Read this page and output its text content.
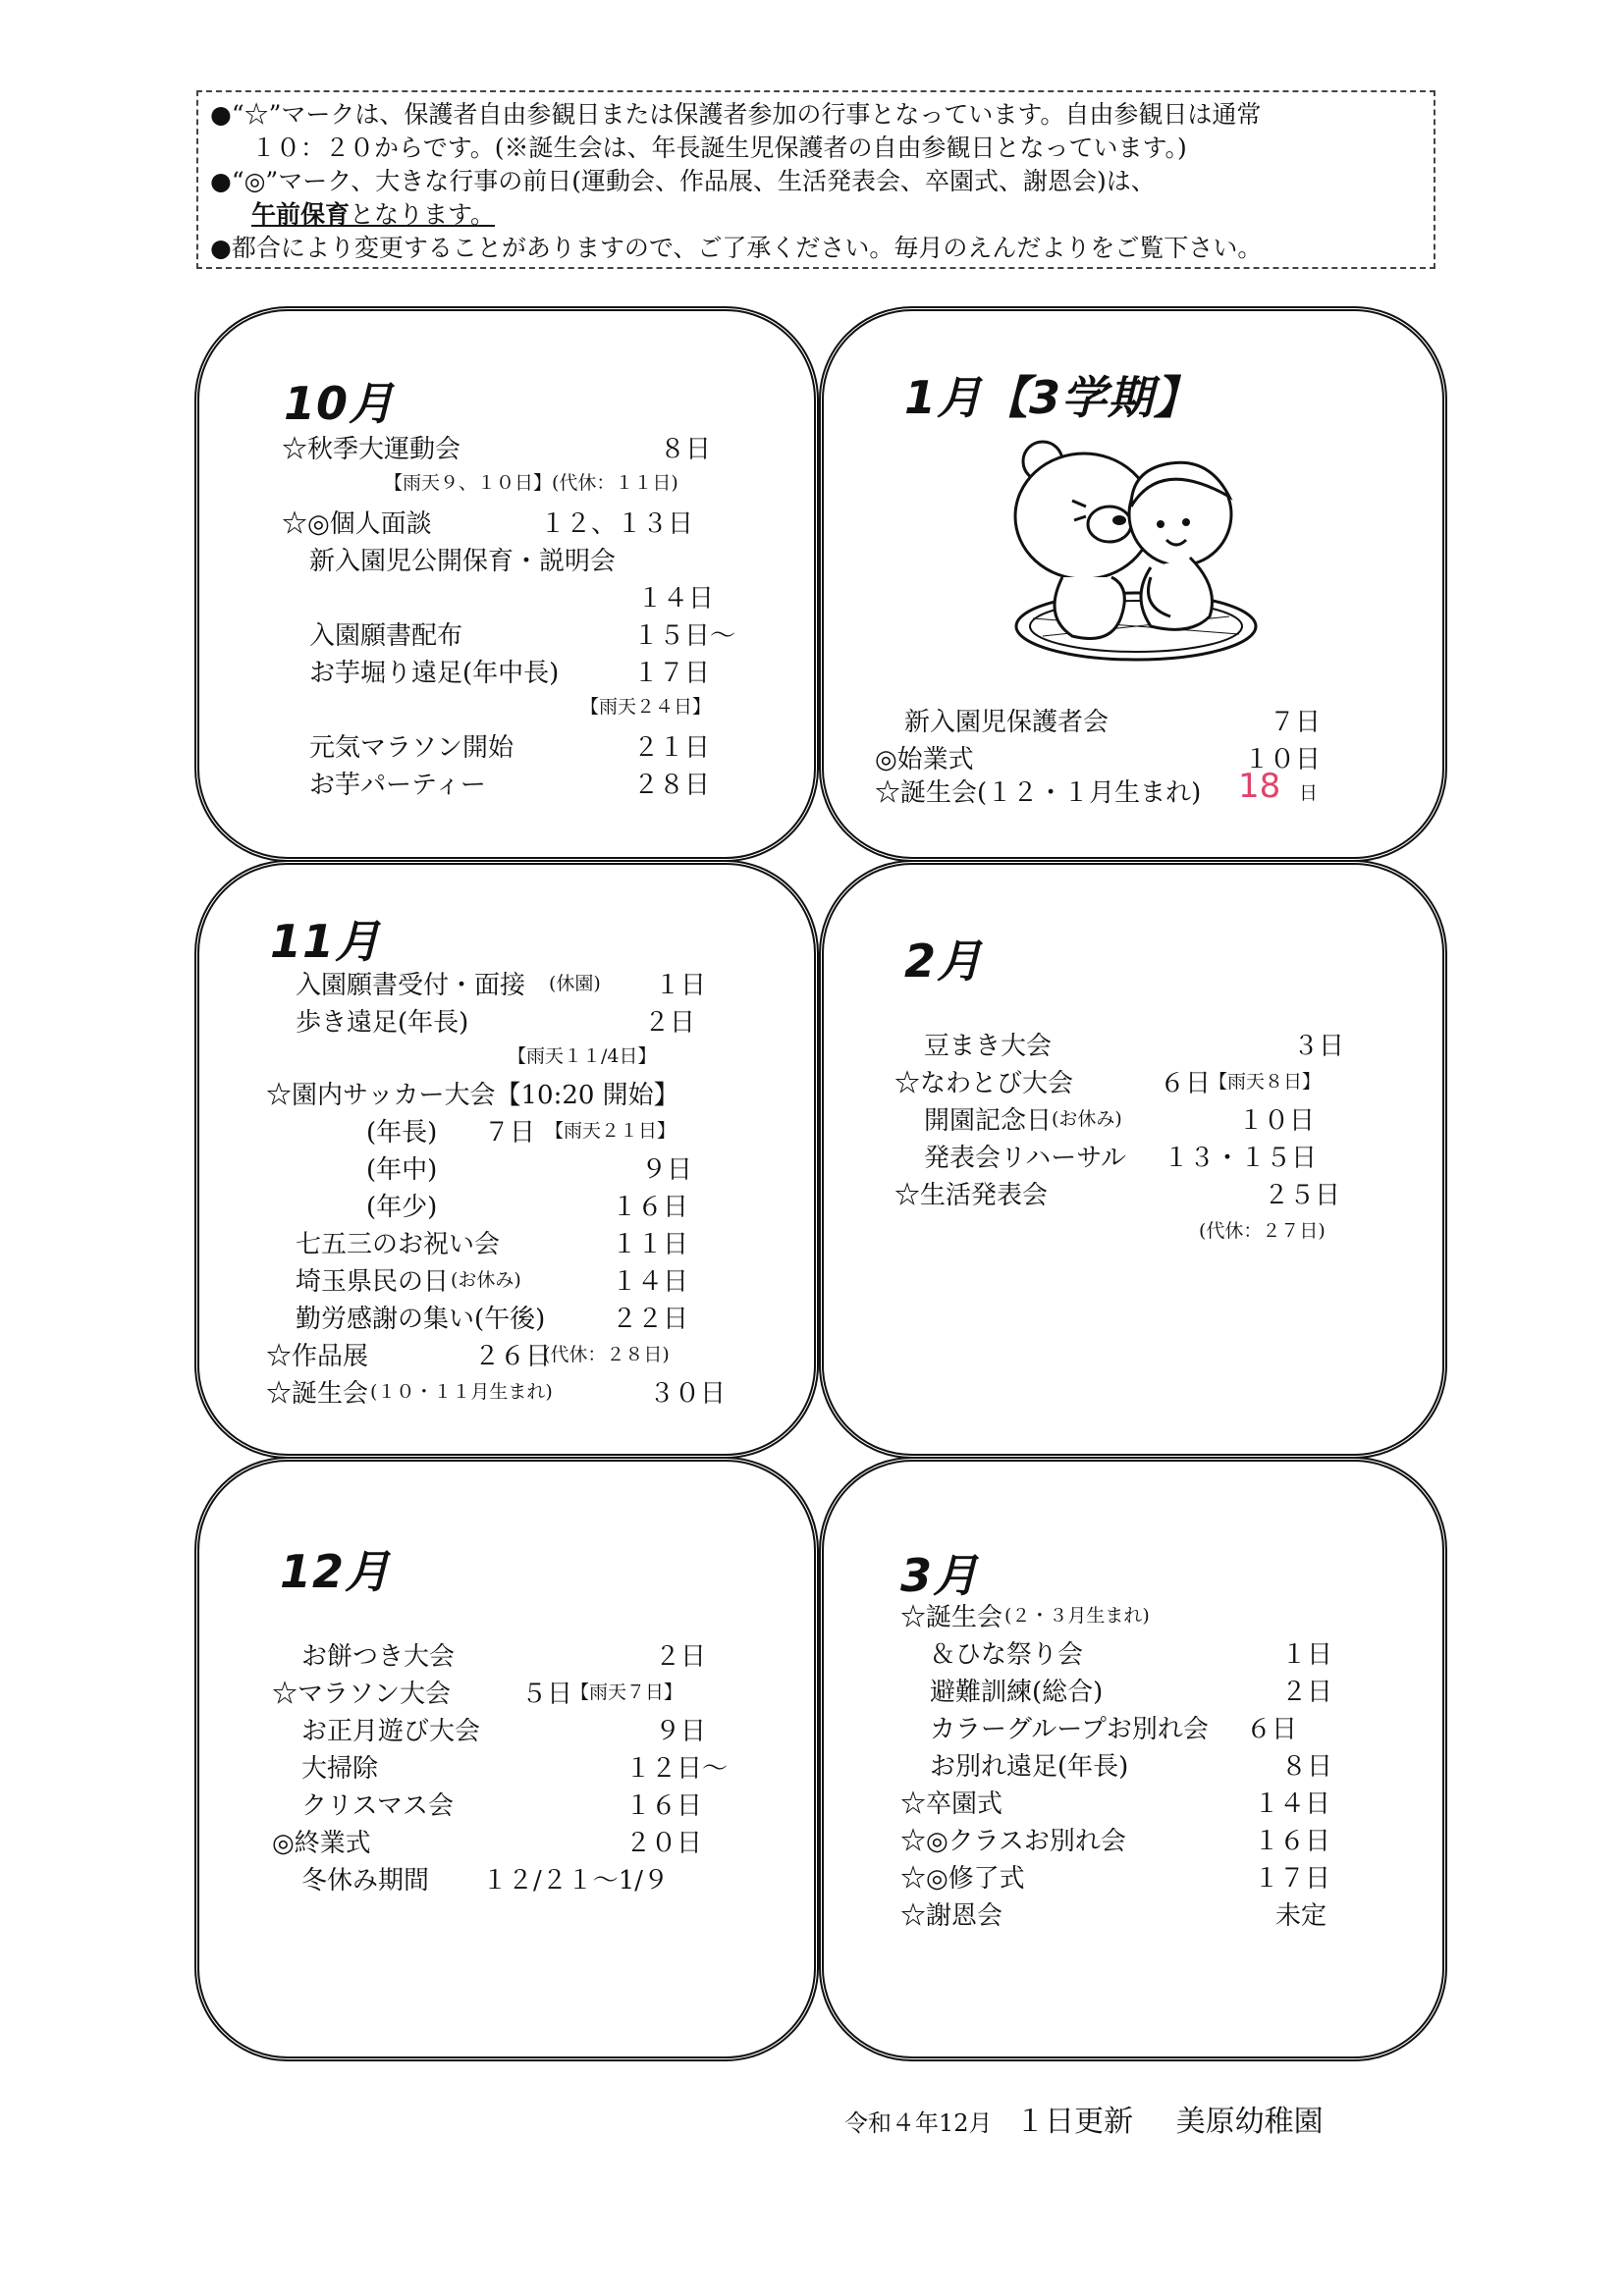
●“☆”マークは、保護者自由参観日または保護者参加の行事となっています。自由参観日は通常
１０：２０からです。(※誕生会は、年長誕生児保護者の自由参観日となっています。)
●“◎”マーク、大きな行事の前日(運動会、作品展、生活発表会、卒園式、謝恩会)は、
午前保育となります。
●都合により変更することがありますので、ご了承ください。毎月のえんだよりをご覧下さい。
10月
☆秋季大運動会	８日
【雨天９、１０日】(代休：１１日)
☆◎個人面談	１２、１３日
新入園児公開保育・説明会
１４日
入園願書配布	１５日～
お芋堀り遠足(年中長)	１７日
【雨天２４日】
元気マラソン開始	２１日
お芋パーティー	２８日
1月【3学期】
新入園児保護者会	７日
◎始業式	１０日
☆誕生会(１２・１月生まれ) 18 日
11月
入園願書受付・面接 (休園) １日
歩き遠足(年長)	２日
【雨天１１/4日】
☆園内サッカー大会【10:20 開始】
(年長) ７日 【雨天２１日】
(年中)	９日
(年少)	１６日
七五三のお祝い会	１１日
埼玉県民の日 (お休み)	１４日
勤労感謝の集い(午後)	２２日
☆作品展	２６日
(代休：２８日)
☆誕生会 (１０・１１月生まれ)	３０日
2月
豆まき大会	３日
☆なわとび大会	６日
【雨天８日】
開園記念日 (お休み)	１０日
発表会リハーサル １３・１５日
☆生活発表会	２５日
(代休：２７日)
12月
お餅つき大会	２日
☆マラソン大会	５日
【雨天７日】
お正月遊び大会	９日
大掃除	１２日～
クリスマス会	１６日
◎終業式	２０日
冬休み期間 １２/２１～1/９
3月
☆誕生会 (２・３月生まれ)
＆ひな祭り会	１日
避難訓練(総合)	２日
カラーグループお別れ会 ６日
お別れ遠足(年長)	８日
☆卒園式	１４日
☆◎クラスお別れ会	１６日
☆◎修了式	１７日
☆謝恩会	未定
令和４年12月 １日更新 美原幼稚園
